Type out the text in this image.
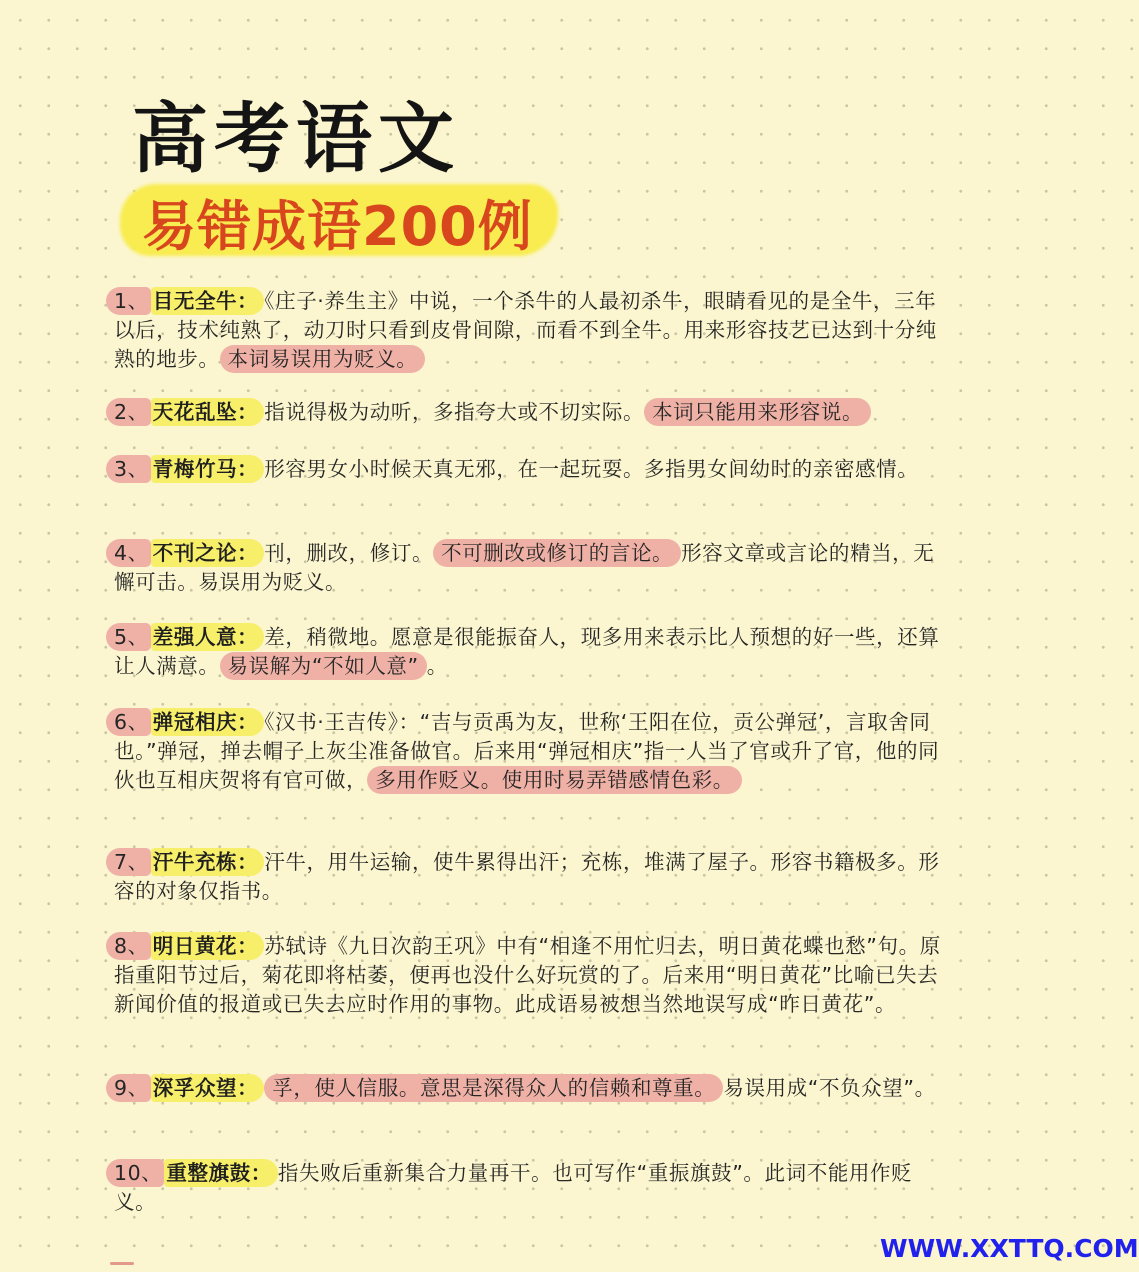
高考语文
易错成语200例

1、 目无全牛： 《庄子·养生主》中说，一个杀牛的人最初杀牛，眼睛看见的是全牛，三年以后，技术纯熟了，动刀时只看到皮骨间隙，而看不到全牛。用来形容技艺已达到十分纯熟的地步。 本词易误用为贬义。

2、 天花乱坠： 指说得极为动听，多指夸大或不切实际。 本词只能用来形容说。

3、 青梅竹马： 形容男女小时候天真无邪，在一起玩耍。多指男女间幼时的亲密感情。

4、 不刊之论： 刊，删改，修订。 不可删改或修订的言论。 形容文章或言论的精当，无懈可击。易误用为贬义。

5、 差强人意： 差，稍微地。愿意是很能振奋人，现多用来表示比人预想的好一些，还算让人满意。 易误解为“不如人意” 。

6、 弹冠相庆： 《汉书·王吉传》：“吉与贡禹为友，世称‘王阳在位，贡公弹冠’，言取舍同也。”弹冠，掸去帽子上灰尘准备做官。后来用“弹冠相庆”指一人当了官或升了官，他的同伙也互相庆贺将有官可做， 多用作贬义。使用时易弄错感情色彩。

7、 汗牛充栋： 汗牛，用牛运输，使牛累得出汗；充栋，堆满了屋子。形容书籍极多。形容的对象仅指书。

8、 明日黄花： 苏轼诗《九日次韵王巩》中有“相逢不用忙归去，明日黄花蝶也愁”句。原指重阳节过后，菊花即将枯萎，便再也没什么好玩赏的了。后来用“明日黄花”比喻已失去新闻价值的报道或已失去应时作用的事物。此成语易被想当然地误写成“昨日黄花”。

9、 深孚众望： 孚，使人信服。意思是深得众人的信赖和尊重。 易误用成“不负众望”。

10、 重整旗鼓： 指失败后重新集合力量再干。也可写作“重振旗鼓”。此词不能用作贬义。

WWW.XXTTQ.COM
